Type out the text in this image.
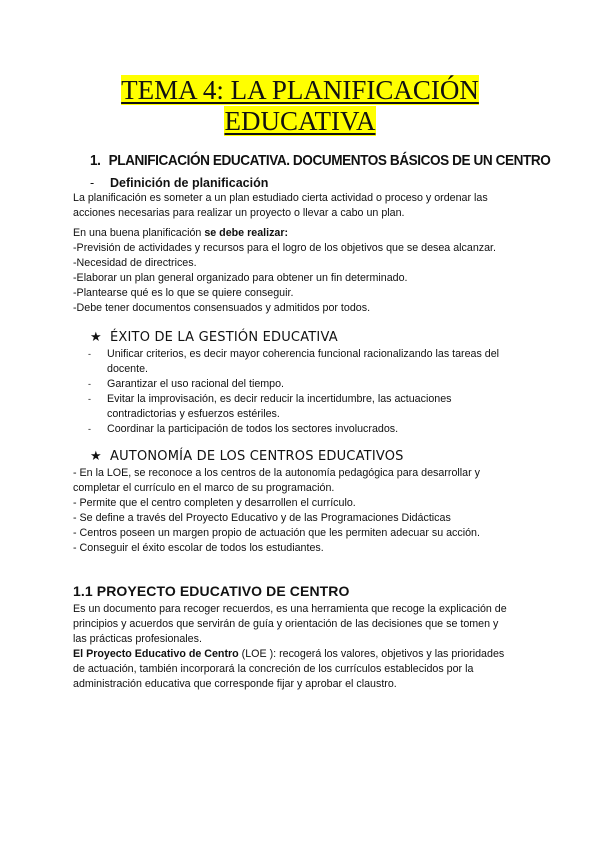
TEMA 4: LA PLANIFICACIÓN
EDUCATIVA
1. PLANIFICACIÓN EDUCATIVA. DOCUMENTOS BÁSICOS DE UN CENTRO
- Definición de planificación
La planificación es someter a un plan estudiado cierta actividad o proceso y ordenar las
acciones necesarias para realizar un proyecto o llevar a cabo un plan.
En una buena planificación se debe realizar:
-Previsión de actividades y recursos para el logro de los objetivos que se desea alcanzar.
-Necesidad de directrices.
-Elaborar un plan general organizado para obtener un fin determinado.
-Plantearse qué es lo que se quiere conseguir.
-Debe tener documentos consensuados y admitidos por todos.
★ ÉXITO DE LA GESTIÓN EDUCATIVA
- Unificar criterios, es decir mayor coherencia funcional racionalizando las tareas del
docente.
- Garantizar el uso racional del tiempo.
- Evitar la improvisación, es decir reducir la incertidumbre, las actuaciones
contradictorias y esfuerzos estériles.
- Coordinar la participación de todos los sectores involucrados.
★ AUTONOMÍA DE LOS CENTROS EDUCATIVOS
- En la LOE, se reconoce a los centros de la autonomía pedagógica para desarrollar y
completar el currículo en el marco de su programación.
- Permite que el centro completen y desarrollen el currículo.
- Se define a través del Proyecto Educativo y de las Programaciones Didácticas
- Centros poseen un margen propio de actuación que les permiten adecuar su acción.
- Conseguir el éxito escolar de todos los estudiantes.
1.1 PROYECTO EDUCATIVO DE CENTRO
Es un documento para recoger recuerdos, es una herramienta que recoge la explicación de
principios y acuerdos que servirán de guía y orientación de las decisiones que se tomen y
las prácticas profesionales.
El Proyecto Educativo de Centro (LOE ): recogerá los valores, objetivos y las prioridades
de actuación, también incorporará la concreción de los currículos establecidos por la
administración educativa que corresponde fijar y aprobar el claustro.
